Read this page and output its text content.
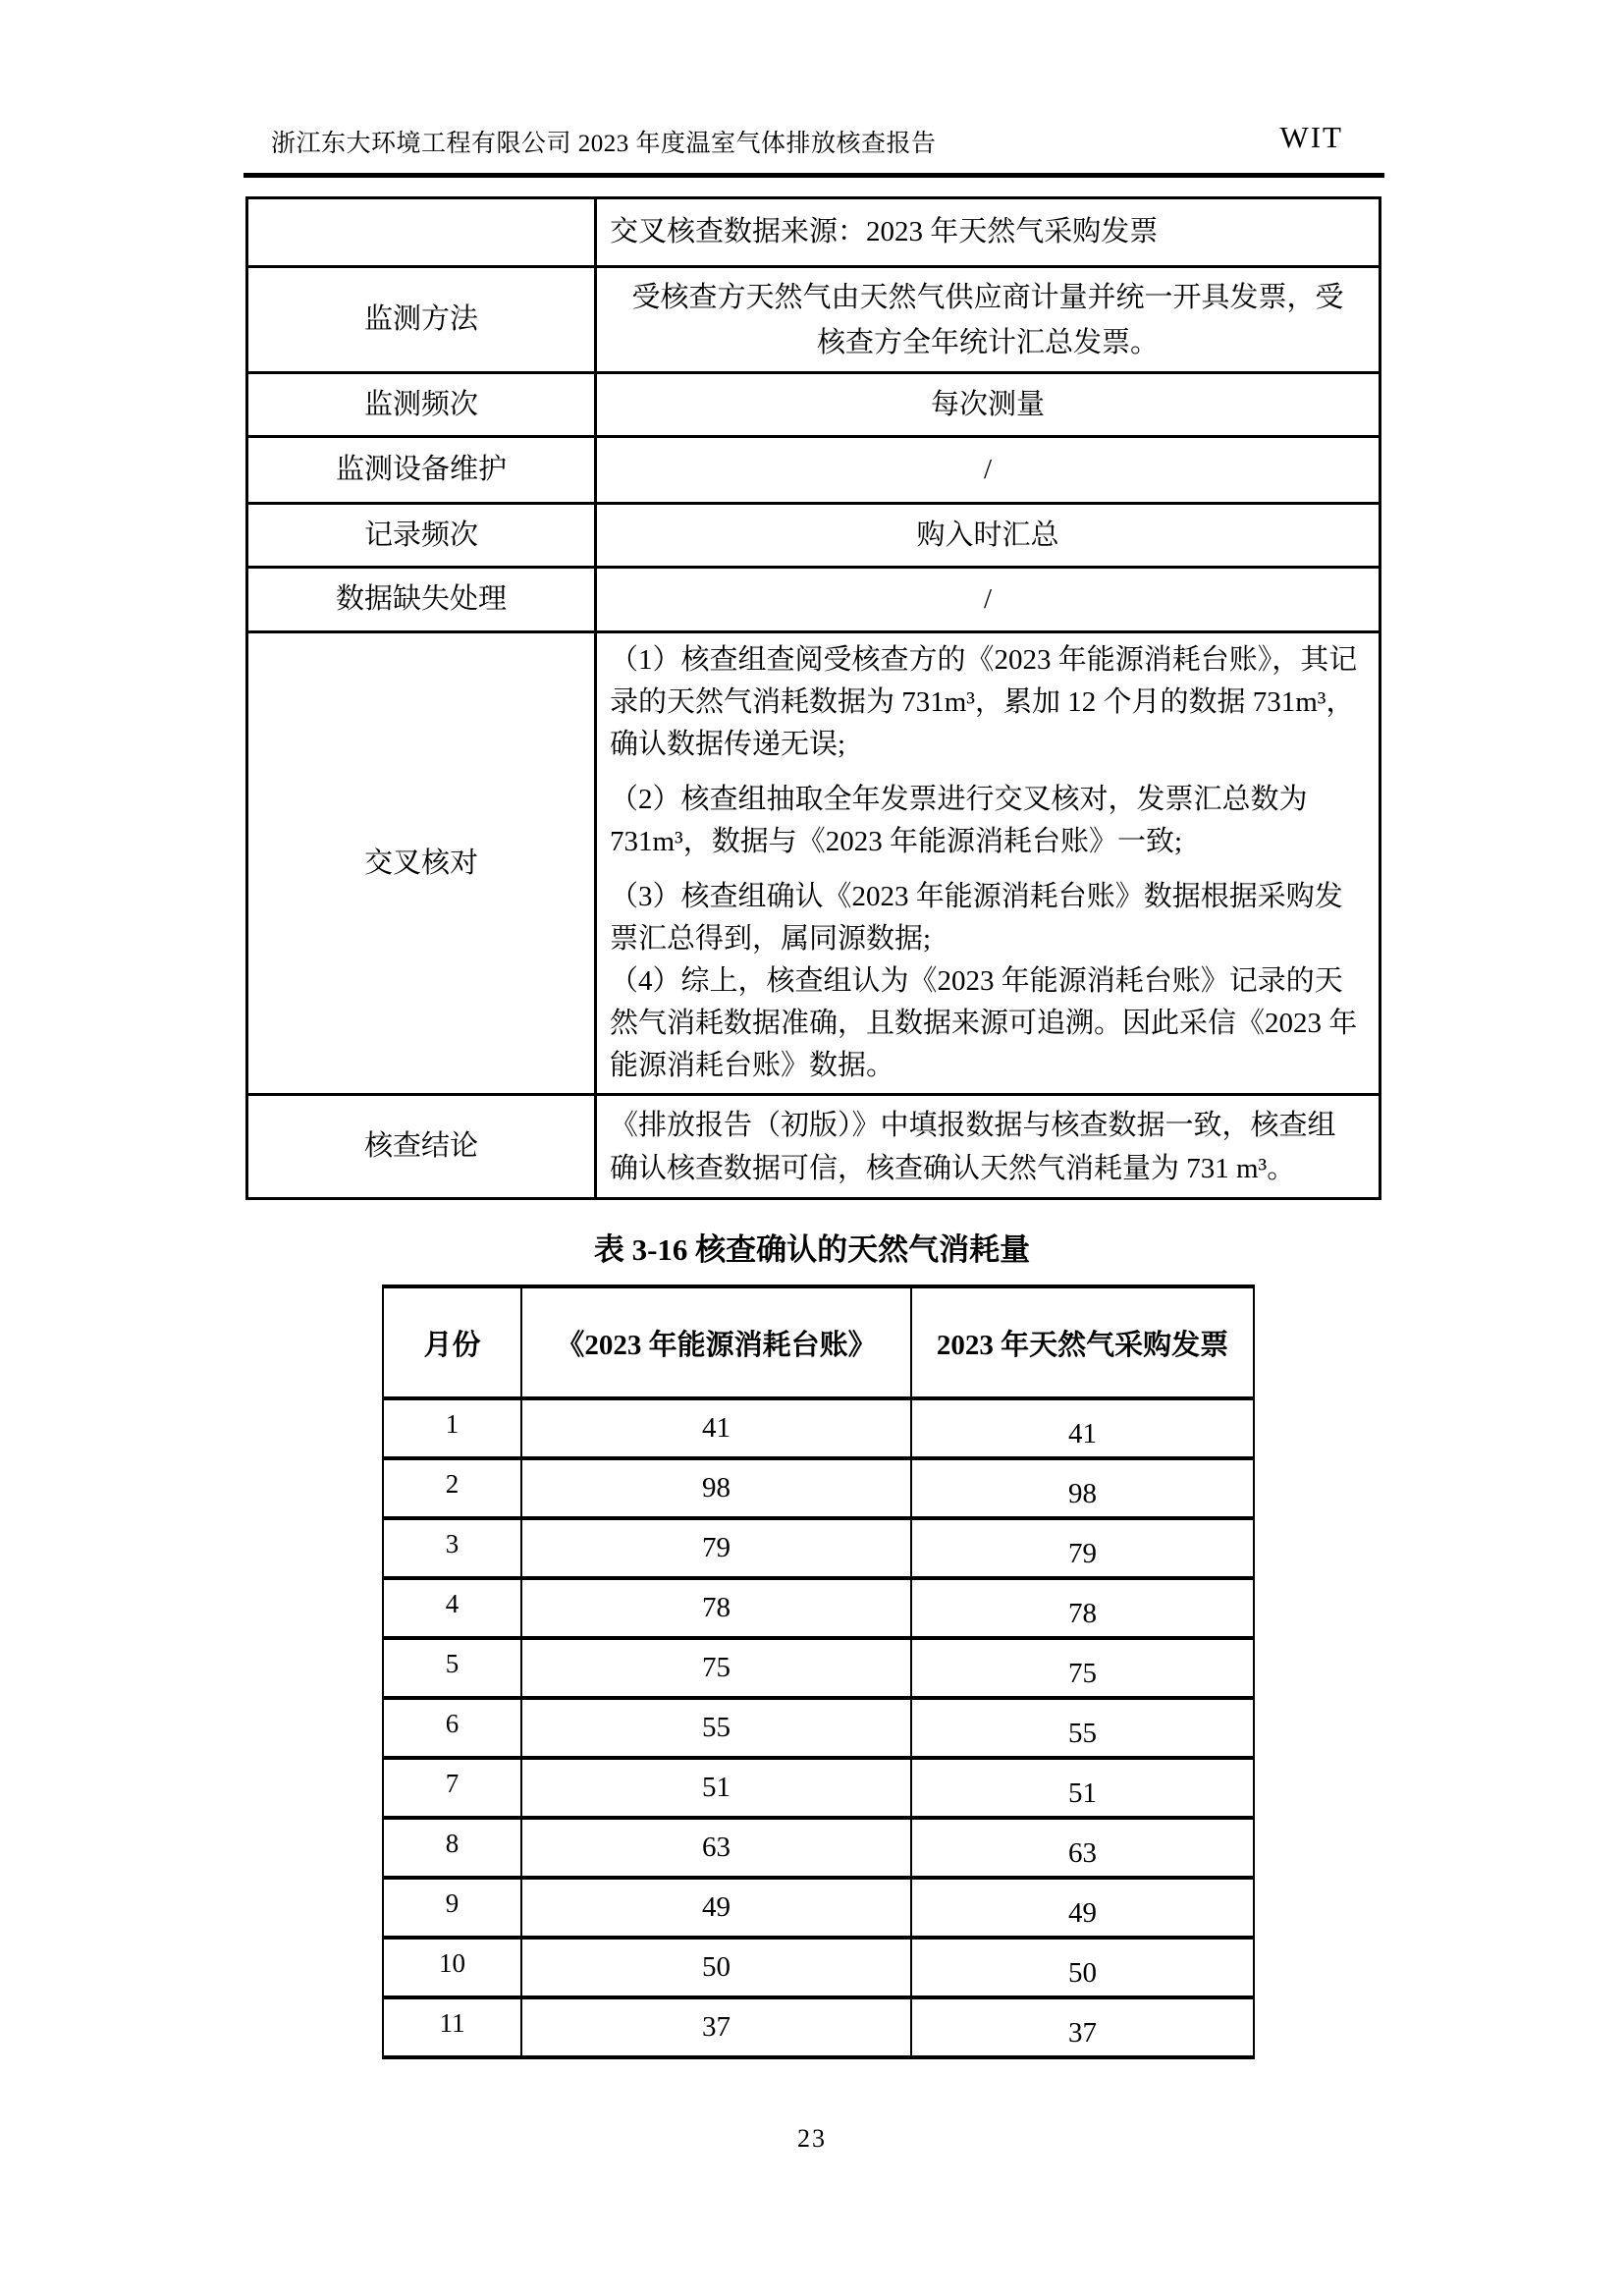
浙江东大环境工程有限公司 2023 年度温室气体排放核查报告	WIT
	交叉核查数据来源：2023 年天然气采购发票
监测方法	受核查方天然气由天然气供应商计量并统一开具发票，受核查方全年统计汇总发票。
监测频次	每次测量
监测设备维护	/
记录频次	购入时汇总
数据缺失处理	/
交叉核对	（1）核查组查阅受核查方的《2023 年能源消耗台账》，其记录的天然气消耗数据为 731m³，累加 12 个月的数据 731m³，确认数据传递无误;

（2）核查组抽取全年发票进行交叉核对，发票汇总数为 731m³，数据与《2023 年能源消耗台账》一致;

（3）核查组确认《2023 年能源消耗台账》数据根据采购发票汇总得到，属同源数据;

（4）综上，核查组认为《2023 年能源消耗台账》记录的天然气消耗数据准确，且数据来源可追溯。因此采信《2023 年能源消耗台账》数据。

核查结论	《排放报告（初版）》中填报数据与核查数据一致，核查组确认核查数据可信，核查确认天然气消耗量为 731 m³。
表 3-16 核查确认的天然气消耗量
月份	《2023 年能源消耗台账》	2023 年天然气采购发票
1	41	41
2	98	98
3	79	79
4	78	78
5	75	75
6	55	55
7	51	51
8	63	63
9	49	49
10	50	50
11	37	37
23
